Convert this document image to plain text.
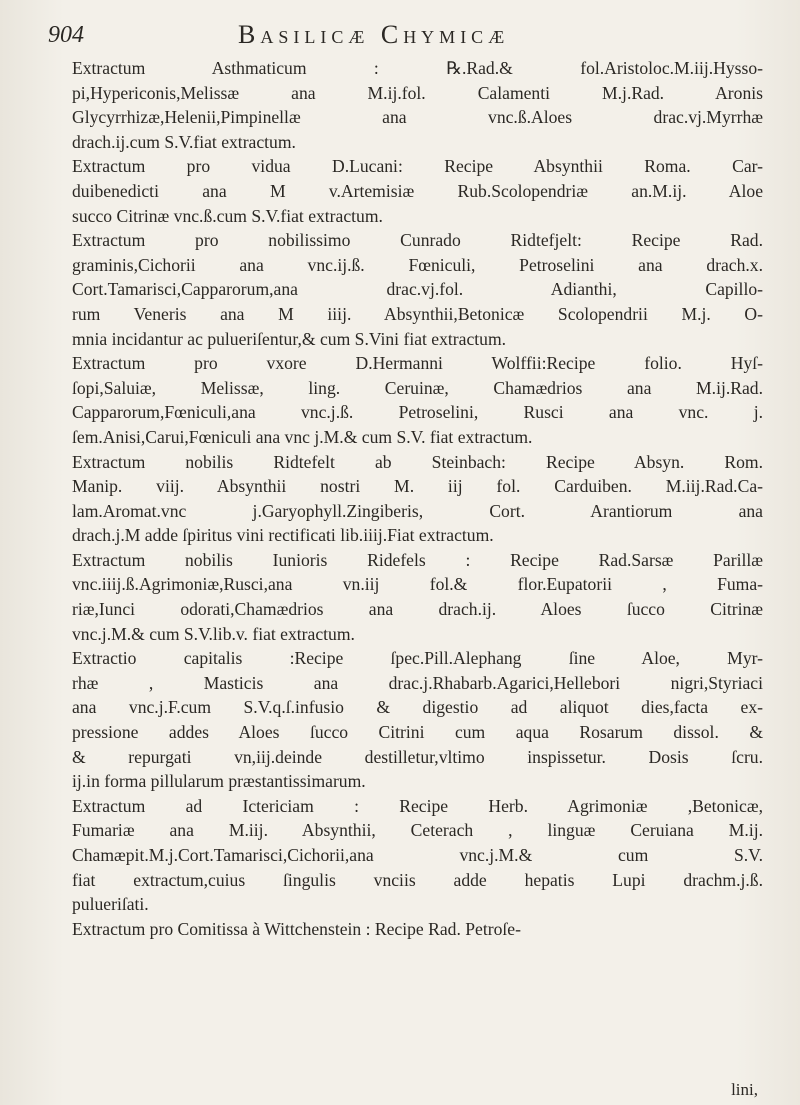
904	Basilicæ Chymicæ
Extractum Asthmaticum : ℞.Rad.& fol.Aristoloc.M.iij.Hysso-
pi,Hypericonis,Melissæ ana M.ij.fol. Calamenti M.j.Rad. Aronis
Glycyrrhizæ,Helenii,Pimpinellæ ana vnc.ß.Aloes drac.vj.Myrrhæ
drach.ij.cum S.V.fiat extractum.
Extractum pro vidua D.Lucani: Recipe Absynthii Roma. Car-
duibenedicti ana M v.Artemisiæ Rub.Scolopendriæ an.M.ij. Aloe
succo Citrinæ vnc.ß.cum S.V.fiat extractum.
Extractum pro nobilissimo Cunrado Ridtefjelt: Recipe Rad.
graminis,Cichorii ana vnc.ij.ß. Fœniculi, Petroselini ana drach.x.
Cort.Tamarisci,Capparorum,ana drac.vj.fol. Adianthi, Capillo-
rum Veneris ana M iiij. Absynthii,Betonicæ Scolopendrii M.j. O-
mnia incidantur ac pulueriſentur,& cum S.Vini fiat extractum.
Extractum pro vxore D.Hermanni Wolffii:Recipe folio. Hyſ-
ſopi,Saluiæ, Melissæ, ling. Ceruinæ, Chamædrios ana M.ij.Rad.
Capparorum,Fœniculi,ana vnc.j.ß. Petroselini, Rusci ana vnc. j.
ſem.Anisi,Carui,Fœniculi ana vnc j.M.& cum S.V. fiat extractum.
Extractum nobilis Ridtefelt ab Steinbach: Recipe Absyn. Rom.
Manip. viij. Absynthii nostri M. iij fol. Carduiben. M.iij.Rad.Ca-
lam.Aromat.vnc j.Garyophyll.Zingiberis, Cort. Arantiorum ana
drach.j.M adde ſpiritus vini rectificati lib.iiij.Fiat extractum.
Extractum nobilis Iunioris Ridefels : Recipe Rad.Sarsæ Parillæ
vnc.iiij.ß.Agrimoniæ,Rusci,ana vn.iij fol.& flor.Eupatorii , Fuma-
riæ,Iunci odorati,Chamædrios ana drach.ij. Aloes ſucco Citrinæ
vnc.j.M.& cum S.V.lib.v. fiat extractum.
Extractio capitalis :Recipe ſpec.Pill.Alephang ſine Aloe, Myr-
rhæ , Masticis ana drac.j.Rhabarb.Agarici,Hellebori nigri,Styriaci
ana vnc.j.F.cum S.V.q.ſ.infusio & digestio ad aliquot dies,facta ex-
pressione addes Aloes ſucco Citrini cum aqua Rosarum dissol. &
& repurgati vn,iij.deinde destilletur,vltimo inspissetur. Dosis ſcru.
ij.in forma pillularum præstantissimarum.
Extractum ad Ictericiam : Recipe Herb. Agrimoniæ ,Betonicæ,
Fumariæ ana M.iij. Absynthii, Ceterach , linguæ Ceruiana M.ij.
Chamæpit.M.j.Cort.Tamarisci,Cichorii,ana vnc.j.M.& cum S.V.
fiat extractum,cuius ſingulis vnciis adde hepatis Lupi drachm.j.ß.
pulueriſati.
Extractum pro Comitissa à Wittchenstein : Recipe Rad. Petroſe-
lini,
